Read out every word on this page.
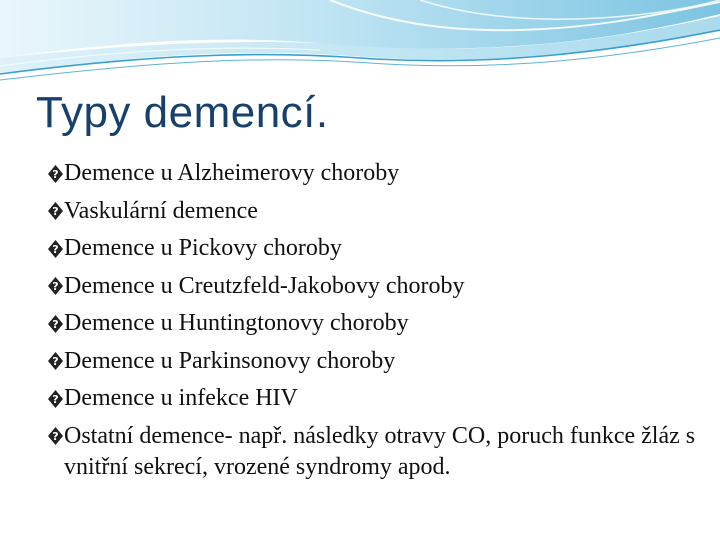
Typy demencí.
? Demence u Alzheimerovy choroby
? Vaskulární demence
? Demence u Pickovy choroby
? Demence u Creutzfeld-Jakobovy choroby
? Demence u Huntingtonovy choroby
? Demence u Parkinsonovy choroby
? Demence u infekce HIV
? Ostatní demence- např. následky otravy CO, poruch funkce žláz s vnitřní sekrecí, vrozené syndromy apod.
